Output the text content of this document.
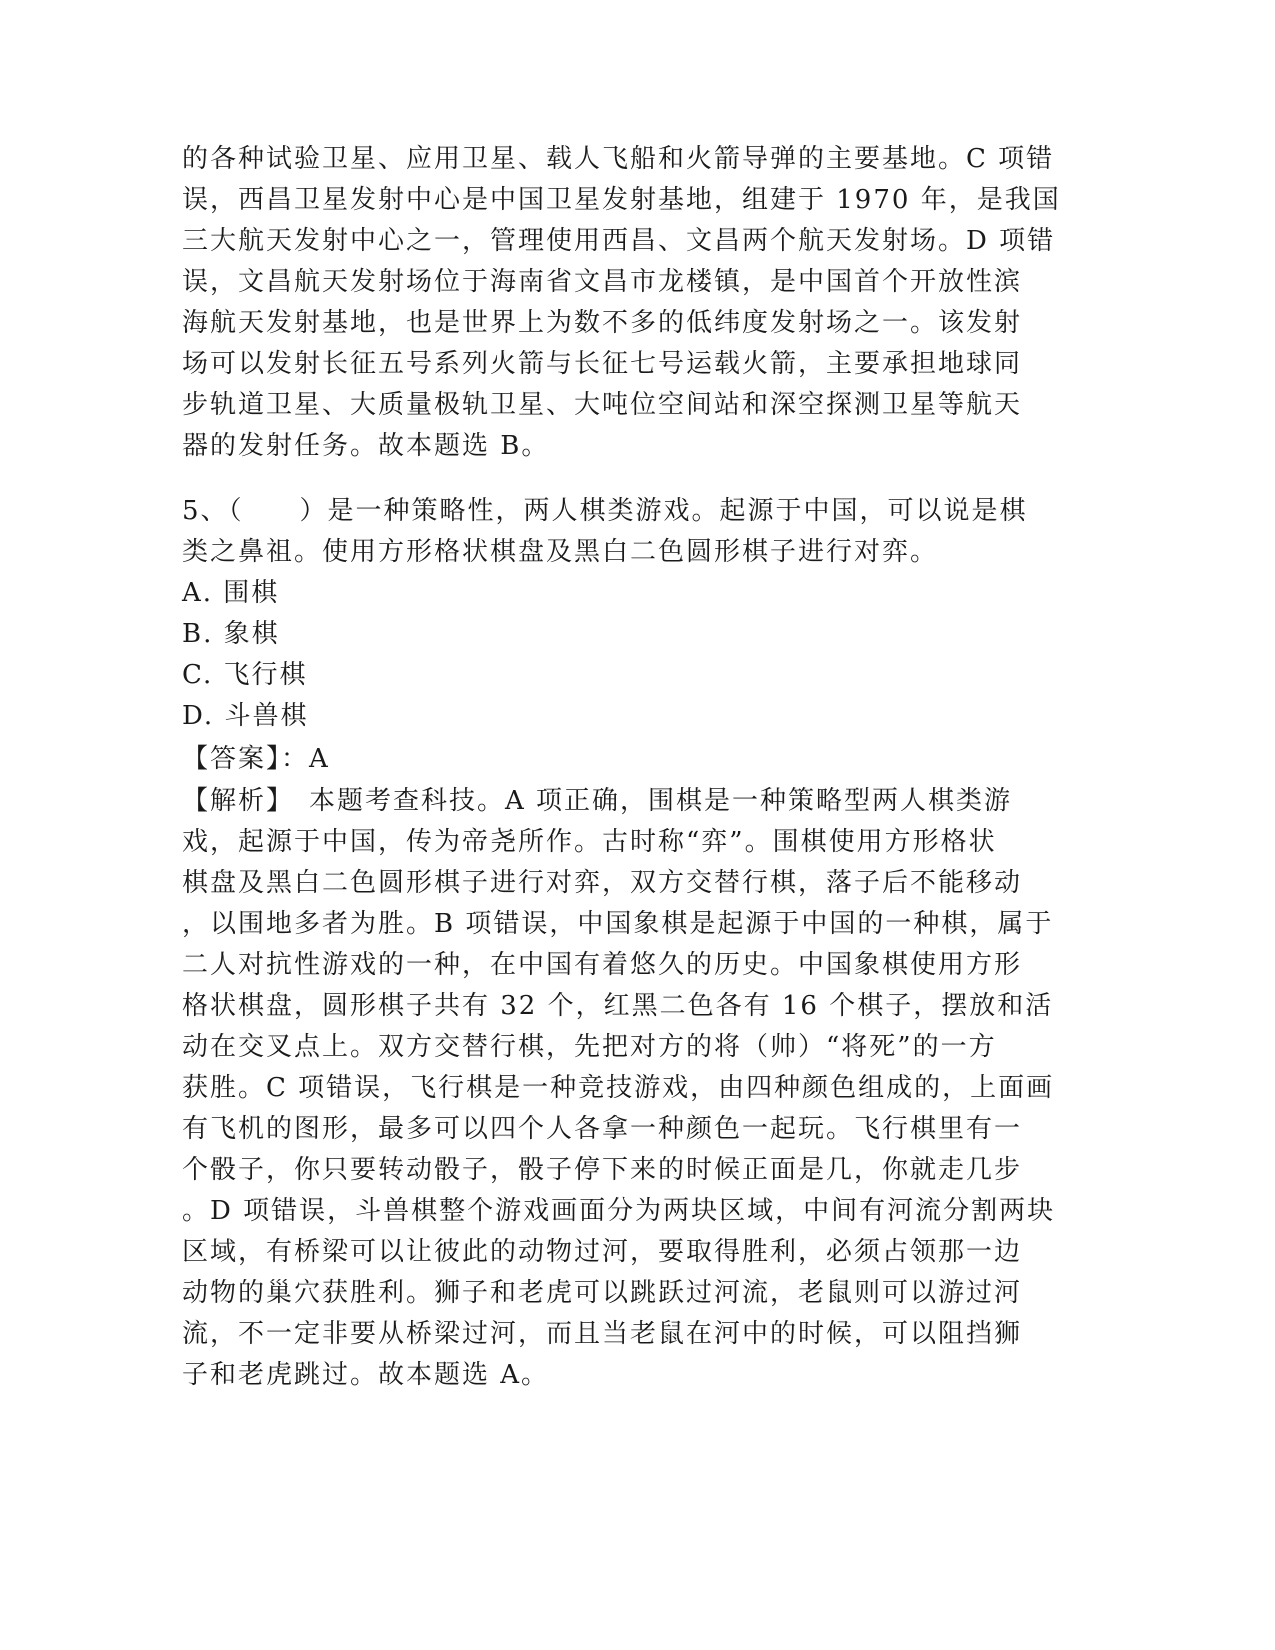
的各种试验卫星、应用卫星、载人飞船和火箭导弹的主要基地。C 项错
误，西昌卫星发射中心是中国卫星发射基地，组建于 1970 年，是我国
三大航天发射中心之一，管理使用西昌、文昌两个航天发射场。D 项错
误，文昌航天发射场位于海南省文昌市龙楼镇，是中国首个开放性滨
海航天发射基地，也是世界上为数不多的低纬度发射场之一。该发射
场可以发射长征五号系列火箭与长征七号运载火箭，主要承担地球同
步轨道卫星、大质量极轨卫星、大吨位空间站和深空探测卫星等航天
器的发射任务。故本题选 B。
5、（　　）是一种策略性，两人棋类游戏。起源于中国，可以说是棋
类之鼻祖。使用方形格状棋盘及黑白二色圆形棋子进行对弈。
A. 围棋
B. 象棋
C. 飞行棋
D. 斗兽棋
【答案】：A
【解析】　本题考查科技。A 项正确，围棋是一种策略型两人棋类游
戏，起源于中国，传为帝尧所作。古时称“弈”。围棋使用方形格状
棋盘及黑白二色圆形棋子进行对弈，双方交替行棋，落子后不能移动
，以围地多者为胜。B 项错误，中国象棋是起源于中国的一种棋，属于
二人对抗性游戏的一种，在中国有着悠久的历史。中国象棋使用方形
格状棋盘，圆形棋子共有 32 个，红黑二色各有 16 个棋子，摆放和活
动在交叉点上。双方交替行棋，先把对方的将（帅）“将死”的一方
获胜。C 项错误，飞行棋是一种竞技游戏，由四种颜色组成的，上面画
有飞机的图形，最多可以四个人各拿一种颜色一起玩。飞行棋里有一
个骰子，你只要转动骰子，骰子停下来的时候正面是几，你就走几步
。D 项错误，斗兽棋整个游戏画面分为两块区域，中间有河流分割两块
区域，有桥梁可以让彼此的动物过河，要取得胜利，必须占领那一边
动物的巢穴获胜利。狮子和老虎可以跳跃过河流，老鼠则可以游过河
流，不一定非要从桥梁过河，而且当老鼠在河中的时候，可以阻挡狮
子和老虎跳过。故本题选 A。
